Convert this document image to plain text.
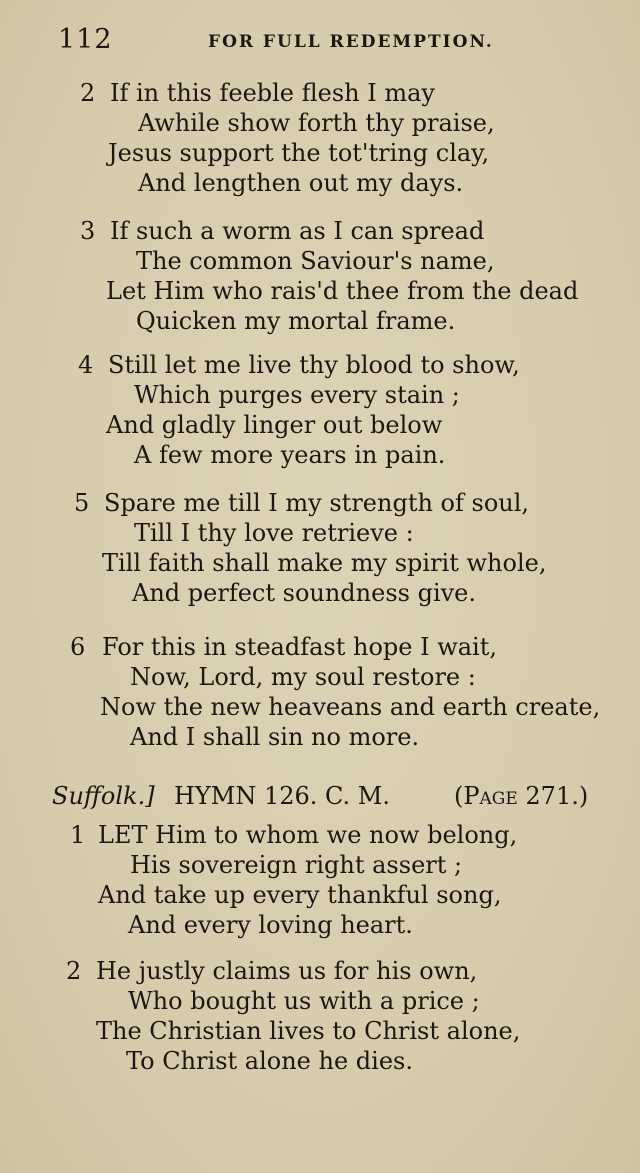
112	FOR FULL REDEMPTION.
2 If in this feeble flesh I may
Awhile show forth thy praise,
Jesus support the tot'tring clay,
And lengthen out my days.
3 If such a worm as I can spread
The common Saviour's name,
Let Him who rais'd thee from the dead
Quicken my mortal frame.
4 Still let me live thy blood to show,
Which purges every stain ;
And gladly linger out below
A few more years in pain.
5 Spare me till I my strength of soul,
Till I thy love retrieve :
Till faith shall make my spirit whole,
And perfect soundness give.
6 For this in steadfast hope I wait,
Now, Lord, my soul restore :
Now the new heaveans and earth create,
And I shall sin no more.
Suffolk.] HYMN 126. C. M.	(Page 271.)
1 LET Him to whom we now belong,
His sovereign right assert ;
And take up every thankful song,
And every loving heart.
2 He justly claims us for his own,
Who bought us with a price ;
The Christian lives to Christ alone,
To Christ alone he dies.
